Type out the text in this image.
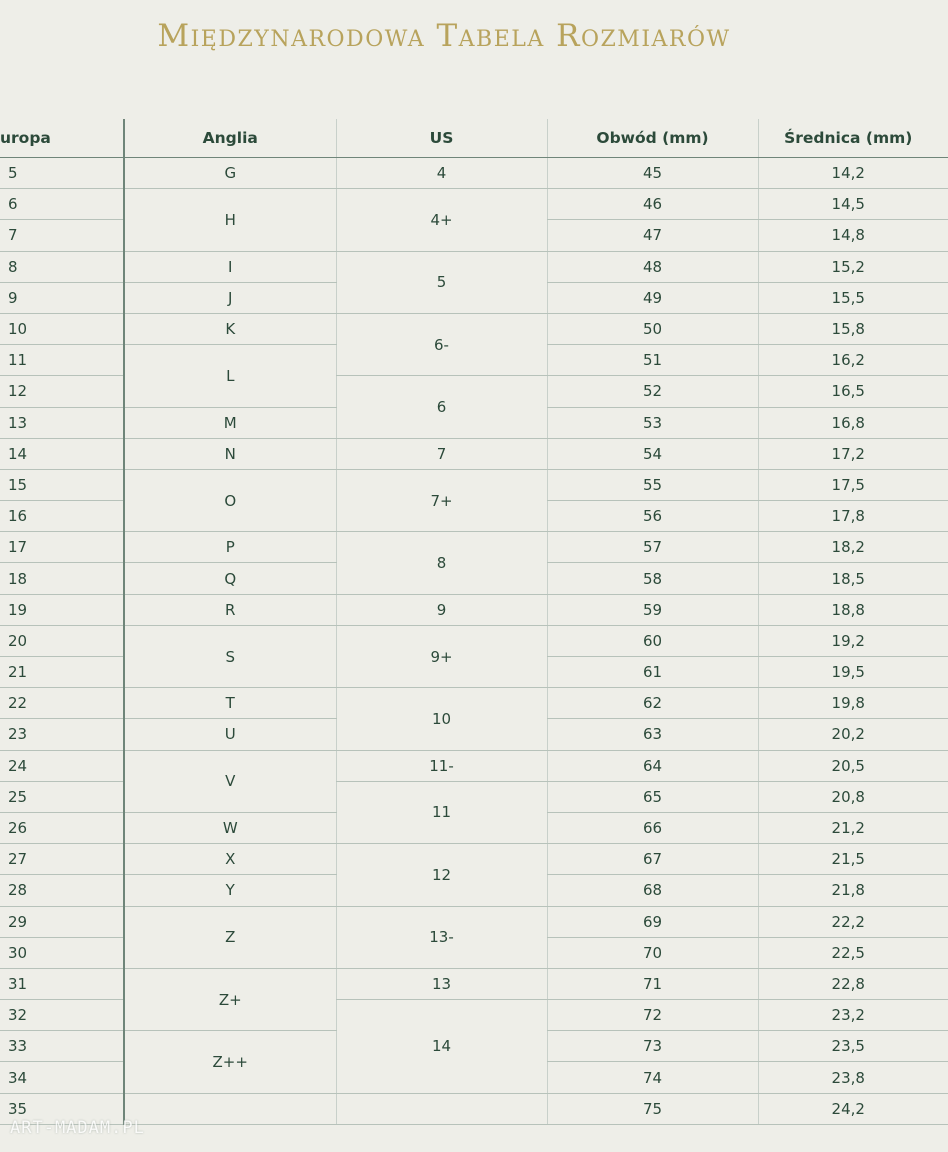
Międzynarodowa Tabela Rozmiarów
uropa	Anglia	US	Obwód (mm)	Średnica (mm)
5	G	4	45	14,2
6	H	4+	46	14,5
7			47	14,8
8	I	5	48	15,2
9	J		49	15,5
10	K	6-	50	15,8
11	L		51	16,2
12		6	52	16,5
13	M		53	16,8
14	N	7	54	17,2
15	O	7+	55	17,5
16			56	17,8
17	P	8	57	18,2
18	Q		58	18,5
19	R	9	59	18,8
20	S	9+	60	19,2
21			61	19,5
22	T	10	62	19,8
23	U		63	20,2
24	V	11-	64	20,5
25		11	65	20,8
26	W		66	21,2
27	X	12	67	21,5
28	Y		68	21,8
29	Z	13-	69	22,2
30			70	22,5
31	Z+	13	71	22,8
32		14	72	23,2
33	Z++		73	23,5
34			74	23,8
35			75	24,2
ART-MADAM.PL
